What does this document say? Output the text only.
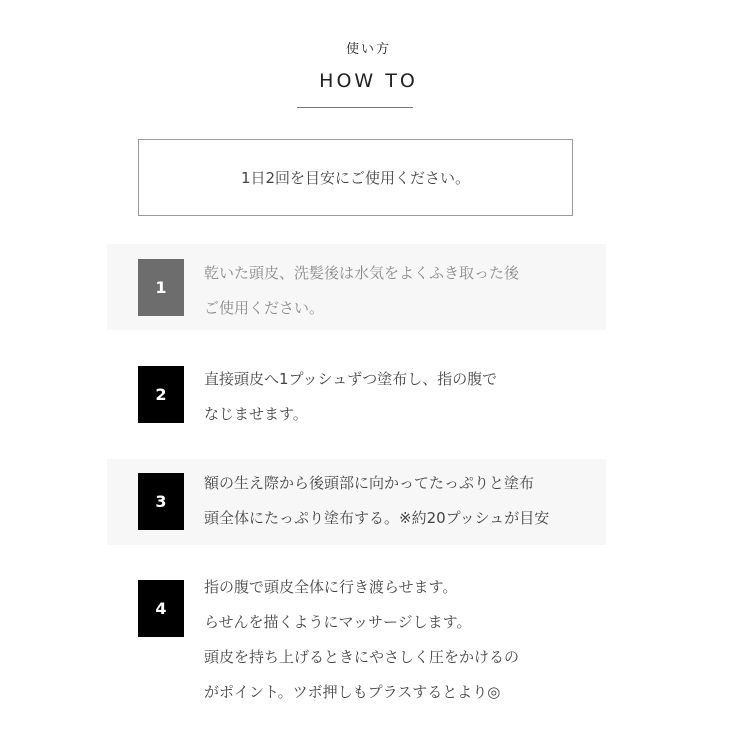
使い方
HOW TO
1日2回を目安にご使用ください。
1
乾いた頭皮、洗髪後は水気をよくふき取った後
ご使用ください。
2
直接頭皮へ1プッシュずつ塗布し、指の腹で
なじませます。
3
額の生え際から後頭部に向かってたっぷりと塗布
頭全体にたっぷり塗布する。※約20プッシュが目安
4
指の腹で頭皮全体に行き渡らせます。
らせんを描くようにマッサージします。
頭皮を持ち上げるときにやさしく圧をかけるの
がポイント。ツボ押しもプラスするとより◎
